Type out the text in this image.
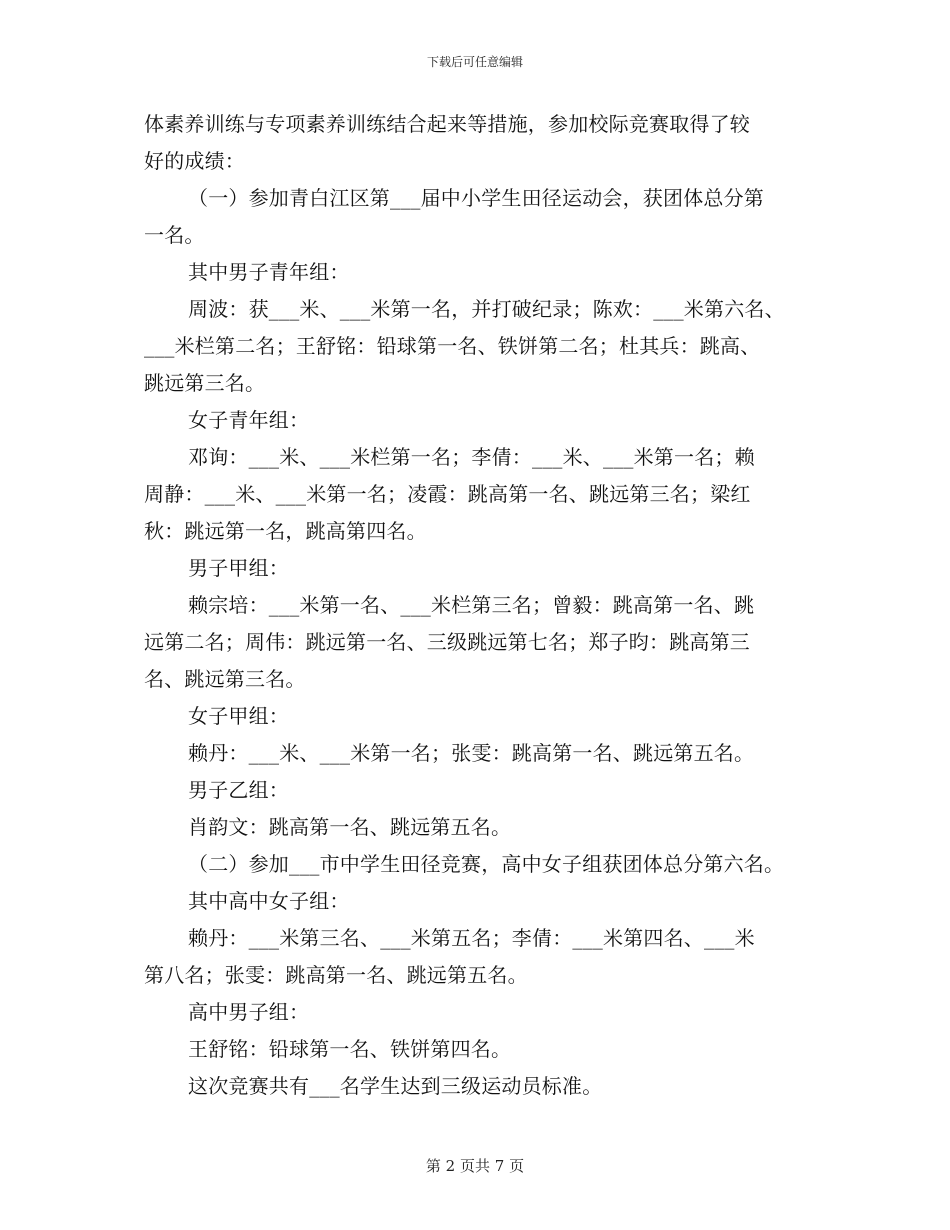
下载后可任意编辑
体素养训练与专项素养训练结合起来等措施，参加校际竞赛取得了较
好的成绩：
（一）参加青白江区第___届中小学生田径运动会，获团体总分第
一名。
其中男子青年组：
周波：获___米、___米第一名，并打破纪录；陈欢：___米第六名、
___米栏第二名；王舒铭：铅球第一名、铁饼第二名；杜其兵：跳高、
跳远第三名。
女子青年组：
邓询：___米、___米栏第一名；李倩：___米、___米第一名；赖
周静：___米、___米第一名；凌霞：跳高第一名、跳远第三名；梁红
秋：跳远第一名，跳高第四名。
男子甲组：
赖宗培：___米第一名、___米栏第三名；曾毅：跳高第一名、跳
远第二名；周伟：跳远第一名、三级跳远第七名；郑子昀：跳高第三
名、跳远第三名。
女子甲组：
赖丹：___米、___米第一名；张雯：跳高第一名、跳远第五名。
男子乙组：
肖韵文：跳高第一名、跳远第五名。
（二）参加___市中学生田径竞赛，高中女子组获团体总分第六名。
其中高中女子组：
赖丹：___米第三名、___米第五名；李倩：___米第四名、___米
第八名；张雯：跳高第一名、跳远第五名。
高中男子组：
王舒铭：铅球第一名、铁饼第四名。
这次竞赛共有___名学生达到三级运动员标准。
第 2 页共 7 页
